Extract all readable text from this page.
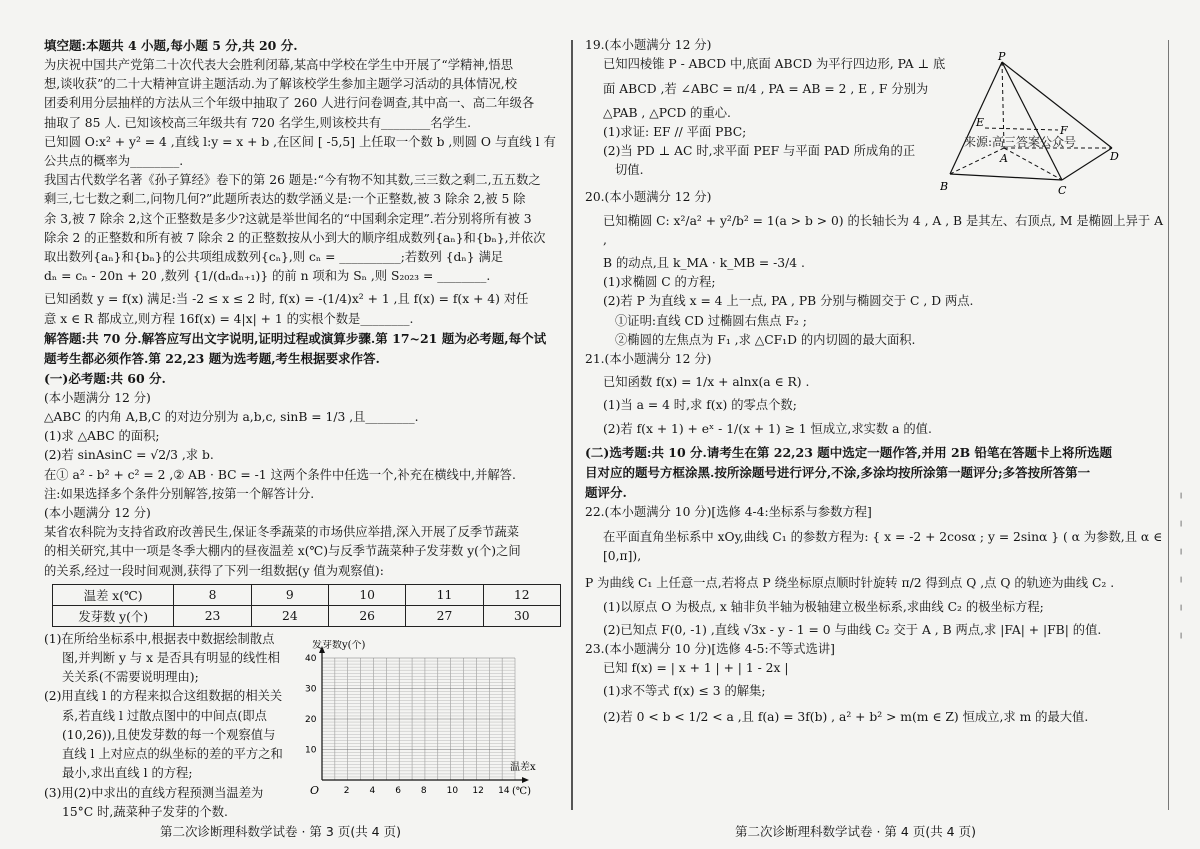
填空题:本题共 4 小题,每小题 5 分,共 20 分.

为庆祝中国共产党第二十次代表大会胜利闭幕,某高中学校在学生中开展了“学精神,悟思

想,谈收获”的二十大精神宣讲主题活动.为了解该校学生参加主题学习活动的具体情况,校

团委利用分层抽样的方法从三个年级中抽取了 260 人进行问卷调查,其中高一、高二年级各

抽取了 85 人. 已知该校高三年级共有 720 名学生,则该校共有________名学生.

已知圆 O:x² + y² = 4 ,直线 l:y = x + b ,在区间 [ -5,5] 上任取一个数 b ,则圆 O 与直线 l 有

公共点的概率为________.

我国古代数学名著《孙子算经》卷下的第 26 题是:“今有物不知其数,三三数之剩二,五五数之

剩三,七七数之剩二,问物几何?”此题所表达的数学涵义是:一个正整数,被 3 除余 2,被 5 除

余 3,被 7 除余 2,这个正整数是多少?这就是举世闻名的“中国剩余定理”.若分别将所有被 3

除余 2 的正整数和所有被 7 除余 2 的正整数按从小到大的顺序组成数列{aₙ}和{bₙ},并依次

取出数列{aₙ}和{bₙ}的公共项组成数列{cₙ},则 cₙ = __________;若数列 {dₙ} 满足

dₙ = cₙ - 20n + 20 ,数列 {1/(dₙdₙ₊₁)} 的前 n 项和为 Sₙ ,则 S₂₀₂₃ = ________.

已知函数 y = f(x) 满足:当 -2 ≤ x ≤ 2 时, f(x) = -(1/4)x² + 1 ,且 f(x) = f(x + 4) 对任

意 x ∈ R 都成立,则方程 16f(x) = 4|x| + 1 的实根个数是________.

解答题:共 70 分.解答应写出文字说明,证明过程或演算步骤.第 17~21 题为必考题,每个试

题考生都必须作答.第 22,23 题为选考题,考生根据要求作答.

(一)必考题:共 60 分.

(本小题满分 12 分)

△ABC 的内角 A,B,C 的对边分别为 a,b,c, sinB = 1/3 ,且________.

(1)求 △ABC 的面积;

(2)若 sinAsinC = √2/3 ,求 b.

在① a² - b² + c² = 2 ,② AB · BC = -1 这两个条件中任选一个,补充在横线中,并解答.

注:如果选择多个条件分别解答,按第一个解答计分.

(本小题满分 12 分)

某省农科院为支持省政府改善民生,保证冬季蔬菜的市场供应举措,深入开展了反季节蔬菜

的相关研究,其中一项是冬季大棚内的昼夜温差 x(℃)与反季节蔬菜种子发芽数 y(个)之间

的关系,经过一段时间观测,获得了下列一组数据(y 值为观察值):

温差 x(℃)	8	9	10	11	12
发芽数 y(个)	23	24	26	27	30

(1)在所给坐标系中,根据表中数据绘制散点

图,并判断 y 与 x 是否具有明显的线性相

关关系(不需要说明理由);

(2)用直线 l 的方程来拟合这组数据的相关关

系,若直线 l 过散点图中的中间点(即点

(10,26)),且使发芽数的每一个观察值与

直线 l 上对应点的纵坐标的差的平方之和

最小,求出直线 l 的方程;

(3)用(2)中求出的直线方程预测当温差为

15°C 时,蔬菜种子发芽的个数.

发芽数y(个)
温差x
(℃)
O
10
20
30
40
2 4 6 8 10 12 14
第二次诊断理科数学试卷 · 第 3 页(共 4 页)

19.(本小题满分 12 分)

已知四棱锥 P - ABCD 中,底面 ABCD 为平行四边形, PA ⊥ 底

面 ABCD ,若 ∠ABC = π/4 , PA = AB = 2 , E , F 分别为

△PAB , △PCD 的重心.

(1)求证: EF // 平面 PBC;

(2)当 PD ⊥ AC 时,求平面 PEF 与平面 PAD 所成角的正

切值.

20.(本小题满分 12 分)

已知椭圆 C: x²/a² + y²/b² = 1(a > b > 0) 的长轴长为 4 , A , B 是其左、右顶点, M 是椭圆上异于 A ,

B 的动点,且 k_MA · k_MB = -3/4 .

(1)求椭圆 C 的方程;

(2)若 P 为直线 x = 4 上一点, PA , PB 分别与椭圆交于 C , D 两点.

①证明:直线 CD 过椭圆右焦点 F₂ ;

②椭圆的左焦点为 F₁ ,求 △CF₁D 的内切圆的最大面积.

21.(本小题满分 12 分)

已知函数 f(x) = 1/x + alnx(a ∈ R) .

(1)当 a = 4 时,求 f(x) 的零点个数;

(2)若 f(x + 1) + eˣ - 1/(x + 1) ≥ 1 恒成立,求实数 a 的值.

(二)选考题:共 10 分.请考生在第 22,23 题中选定一题作答,并用 2B 铅笔在答题卡上将所选题

目对应的题号方框涂黑.按所涂题号进行评分,不涂,多涂均按所涂第一题评分;多答按所答第一

题评分.

22.(本小题满分 10 分)[选修 4-4:坐标系与参数方程]

在平面直角坐标系中 xOy,曲线 C₁ 的参数方程为: { x = -2 + 2cosα ; y = 2sinα } ( α 为参数,且 α ∈ [0,π]),

P 为曲线 C₁ 上任意一点,若将点 P 绕坐标原点顺时针旋转 π/2 得到点 Q ,点 Q 的轨迹为曲线 C₂ .

(1)以原点 O 为极点, x 轴非负半轴为极轴建立极坐标系,求曲线 C₂ 的极坐标方程;

(2)已知点 F(0, -1) ,直线 √3x - y - 1 = 0 与曲线 C₂ 交于 A , B 两点,求 |FA| + |FB| 的值.

23.(本小题满分 10 分)[选修 4-5:不等式选讲]

已知 f(x) = | x + 1 | + | 1 - 2x |

(1)求不等式 f(x) ≤ 3 的解集;

(2)若 0 < b < 1/2 < a ,且 f(a) = 3f(b) , a² + b² > m(m ∈ Z) 恒成立,求 m 的最大值.

P
E
F
A
B	C
D
来源:高三答案公众号
第二次诊断理科数学试卷 · 第 4 页(共 4 页)
╷
╷
╷
╷
╷
╷
